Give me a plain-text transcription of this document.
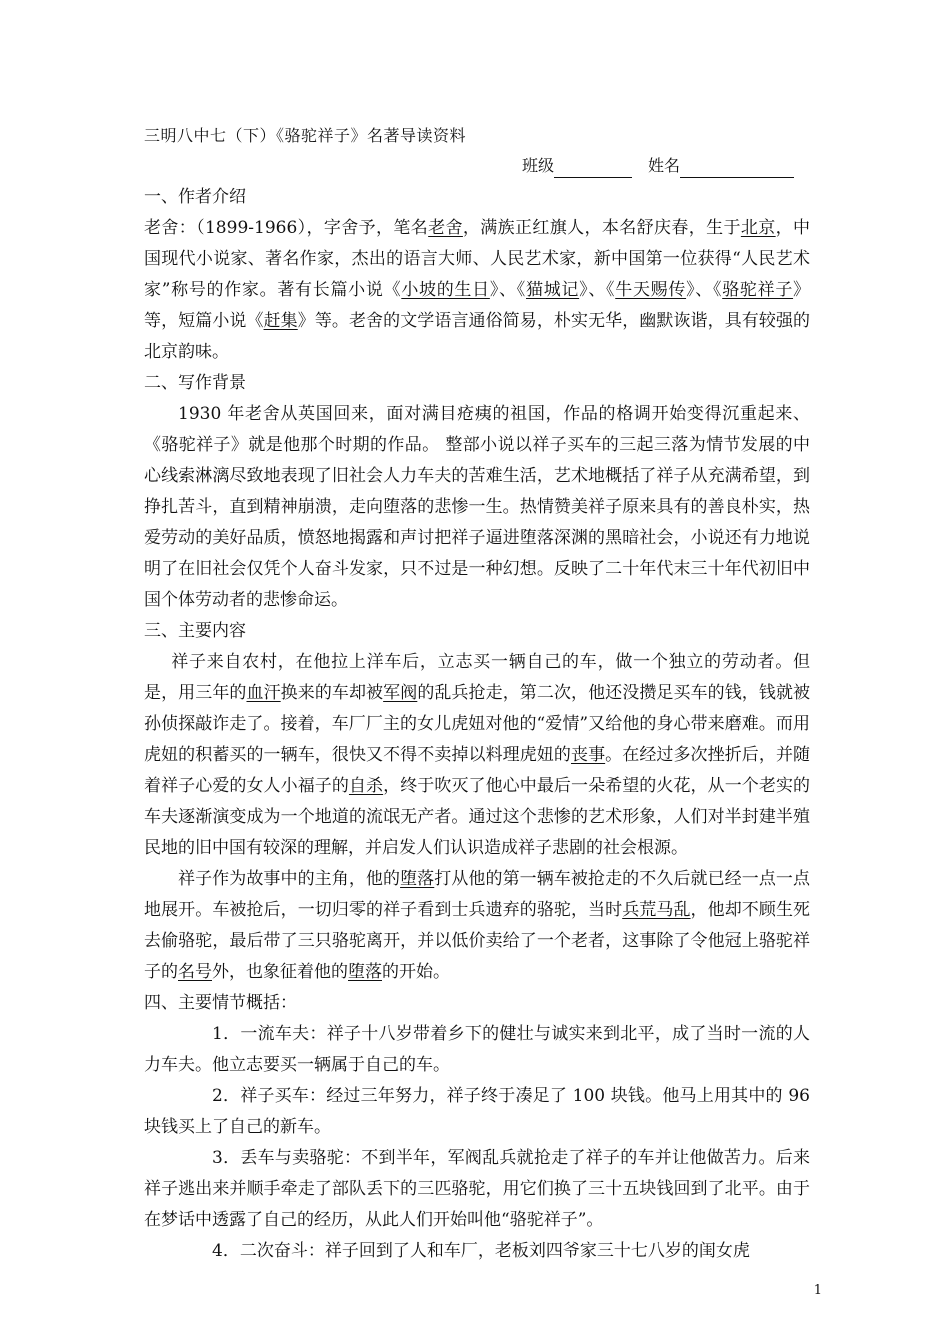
三明八中七（下）《骆驼祥子》名著导读资料
班级	姓名

一、作者介绍

老舍：（1899-1966），字舍予，笔名老舍，满族正红旗人，本名舒庆春，生于北京，中国现代小说家、著名作家，杰出的语言大师、人民艺术家，新中国第一位获得“人民艺术家”称号的作家。著有长篇小说《小坡的生日》、《猫城记》、《牛天赐传》、《骆驼祥子》等，短篇小说《赶集》等。老舍的文学语言通俗简易，朴实无华，幽默诙谐，具有较强的北京韵味。

二、写作背景

1930 年老舍从英国回来，面对满目疮痍的祖国，作品的格调开始变得沉重起来、《骆驼祥子》就是他那个时期的作品。 整部小说以祥子买车的三起三落为情节发展的中心线索淋漓尽致地表现了旧社会人力车夫的苦难生活，艺术地概括了祥子从充满希望，到挣扎苦斗，直到精神崩溃，走向堕落的悲惨一生。热情赞美祥子原来具有的善良朴实，热爱劳动的美好品质，愤怒地揭露和声讨把祥子逼进堕落深渊的黑暗社会，小说还有力地说明了在旧社会仅凭个人奋斗发家，只不过是一种幻想。反映了二十年代末三十年代初旧中国个体劳动者的悲惨命运。

三、主要内容

祥子来自农村，在他拉上洋车后，立志买一辆自己的车，做一个独立的劳动者。但是，用三年的血汗换来的车却被军阀的乱兵抢走，第二次，他还没攒足买车的钱，钱就被孙侦探敲诈走了。接着，车厂厂主的女儿虎妞对他的“爱情”又给他的身心带来磨难。而用虎妞的积蓄买的一辆车，很快又不得不卖掉以料理虎妞的丧事。在经过多次挫折后，并随着祥子心爱的女人小福子的自杀，终于吹灭了他心中最后一朵希望的火花，从一个老实的车夫逐渐演变成为一个地道的流氓无产者。通过这个悲惨的艺术形象，人们对半封建半殖民地的旧中国有较深的理解，并启发人们认识造成祥子悲剧的社会根源。

祥子作为故事中的主角，他的堕落打从他的第一辆车被抢走的不久后就已经一点一点地展开。车被抢后，一切归零的祥子看到士兵遗弃的骆驼，当时兵荒马乱，他却不顾生死去偷骆驼，最后带了三只骆驼离开，并以低价卖给了一个老者，这事除了令他冠上骆驼祥子的名号外，也象征着他的堕落的开始。

四、主要情节概括：

1．一流车夫：祥子十八岁带着乡下的健壮与诚实来到北平，成了当时一流的人力车夫。他立志要买一辆属于自己的车。

2．祥子买车：经过三年努力，祥子终于凑足了 100 块钱。他马上用其中的 96 块钱买上了自己的新车。

3．丢车与卖骆驼：不到半年，军阀乱兵就抢走了祥子的车并让他做苦力。后来祥子逃出来并顺手牵走了部队丢下的三匹骆驼，用它们换了三十五块钱回到了北平。由于在梦话中透露了自己的经历，从此人们开始叫他“骆驼祥子”。

4．二次奋斗：祥子回到了人和车厂，老板刘四爷家三十七八岁的闺女虎

1
